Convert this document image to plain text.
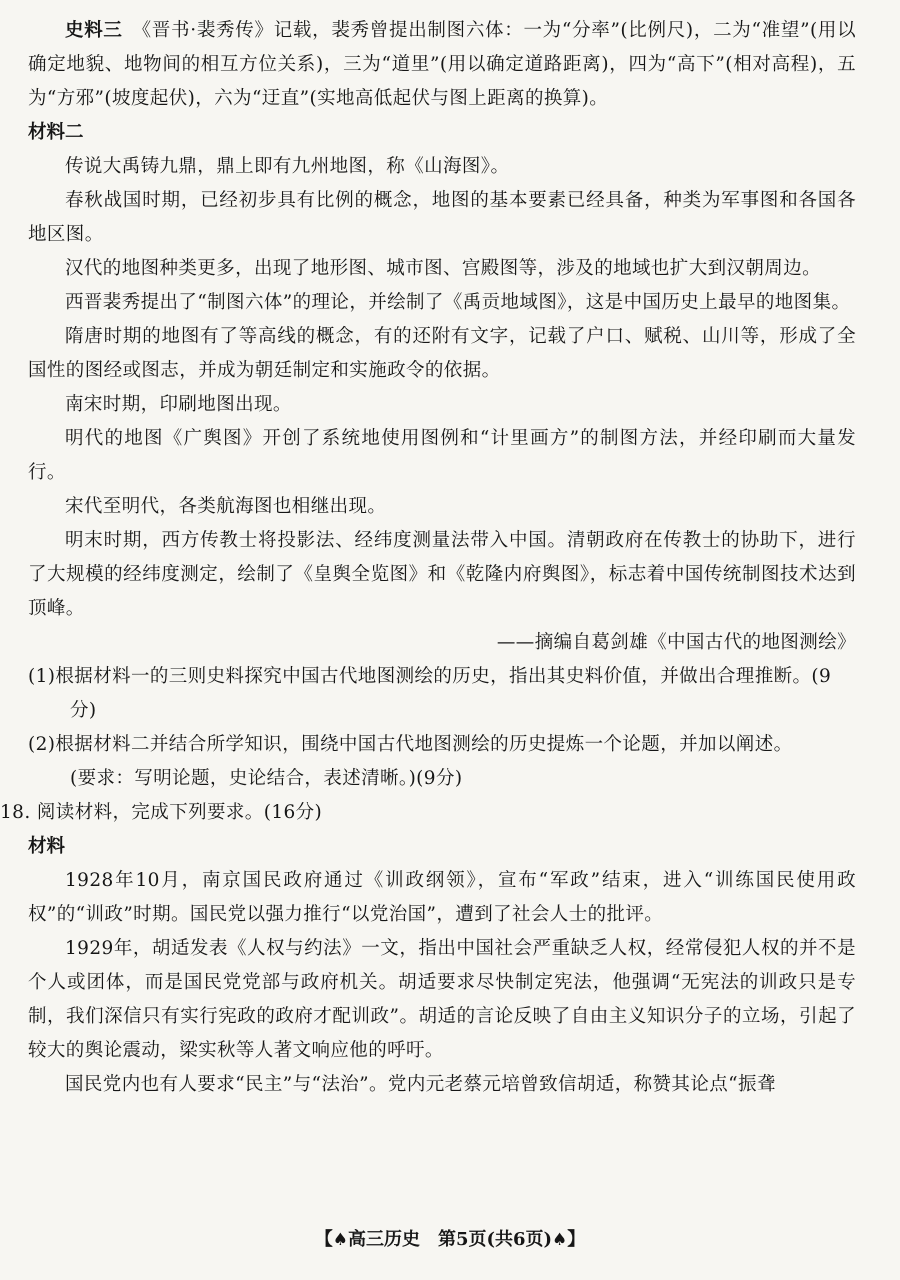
史料三　 《晋书·裴秀传》记载，裴秀曾提出制图六体：一为“分率”(比例尺)，二为“准望”(用以确定地貌、地物间的相互方位关系)，三为“道里”(用以确定道路距离)，四为“高下”(相对高程)，五为“方邪”(坡度起伏)，六为“迂直”(实地高低起伏与图上距离的换算)。

材料二

传说大禹铸九鼎，鼎上即有九州地图，称《山海图》。

春秋战国时期，已经初步具有比例的概念，地图的基本要素已经具备，种类为军事图和各国各地区图。

汉代的地图种类更多，出现了地形图、城市图、宫殿图等，涉及的地域也扩大到汉朝周边。

西晋裴秀提出了“制图六体”的理论，并绘制了《禹贡地域图》，这是中国历史上最早的地图集。

隋唐时期的地图有了等高线的概念，有的还附有文字，记载了户口、赋税、山川等，形成了全国性的图经或图志，并成为朝廷制定和实施政令的依据。

南宋时期，印刷地图出现。

明代的地图《广舆图》开创了系统地使用图例和“计里画方”的制图方法，并经印刷而大量发行。

宋代至明代，各类航海图也相继出现。

明末时期，西方传教士将投影法、经纬度测量法带入中国。清朝政府在传教士的协助下，进行了大规模的经纬度测定，绘制了《皇舆全览图》和《乾隆内府舆图》，标志着中国传统制图技术达到顶峰。

——摘编自葛剑雄《中国古代的地图测绘》

(1)根据材料一的三则史料探究中国古代地图测绘的历史，指出其史料价值，并做出合理推断。(9分)

(2)根据材料二并结合所学知识，围绕中国古代地图测绘的历史提炼一个论题，并加以阐述。

(要求：写明论题，史论结合，表述清晰。)(9分)

18. 阅读材料，完成下列要求。(16分)

材料

1928年10月，南京国民政府通过《训政纲领》，宣布“军政”结束，进入“训练国民使用政权”的“训政”时期。国民党以强力推行“以党治国”，遭到了社会人士的批评。

1929年，胡适发表《人权与约法》一文，指出中国社会严重缺乏人权，经常侵犯人权的并不是个人或团体，而是国民党党部与政府机关。胡适要求尽快制定宪法，他强调“无宪法的训政只是专制，我们深信只有实行宪政的政府才配训政”。胡适的言论反映了自由主义知识分子的立场，引起了较大的舆论震动，梁实秋等人著文响应他的呼吁。

国民党内也有人要求“民主”与“法治”。党内元老蔡元培曾致信胡适，称赞其论点“振聋

【♠高三历史　第5页(共6页)♠】
